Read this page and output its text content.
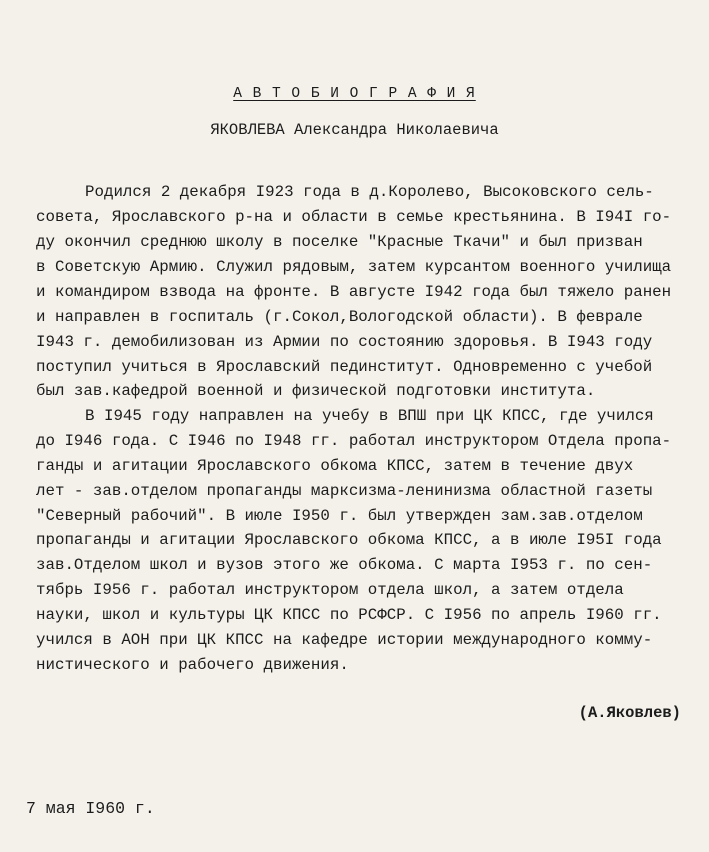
А В Т О Б И О Г Р А Ф И Я
ЯКОВЛЕВА Александра Николаевича
Родился 2 декабря I923 года в д.Королево, Высоковского сель-
совета, Ярославского р-на и области в семье крестьянина. В I94I го-
ду окончил среднюю школу в поселке "Красные Ткачи" и был призван
в Советскую Армию. Служил рядовым, затем курсантом военного училища
и командиром взвода на фронте. В августе I942 года был тяжело ранен
и направлен в госпиталь (г.Сокол,Вологодской области). В феврале
I943 г. демобилизован из Армии по состоянию здоровья. В I943 году
поступил учиться в Ярославский пединститут. Одновременно с учебой
был зав.кафедрой военной и физической подготовки института.
В I945 году направлен на учебу в ВПШ при ЦК КПСС, где учился
до I946 года. С I946 по I948 гг. работал инструктором Отдела пропа-
ганды и агитации Ярославского обкома КПСС, затем в течение двух
лет - зав.отделом пропаганды марксизма-ленинизма областной газеты
"Северный рабочий". В июле I950 г. был утвержден зам.зав.отделом
пропаганды и агитации Ярославского обкома КПСС, а в июле I95I года
зав.Отделом школ и вузов этого же обкома. С марта I953 г. по сен-
тябрь I956 г. работал инструктором отдела школ, а затем отдела
науки, школ и культуры ЦК КПСС по РСФСР. С I956 по апрель I960 гг.
учился в АОН при ЦК КПСС на кафедре истории международного комму-
нистического и рабочего движения.
(А.Яковлев)
7 мая I960 г.
